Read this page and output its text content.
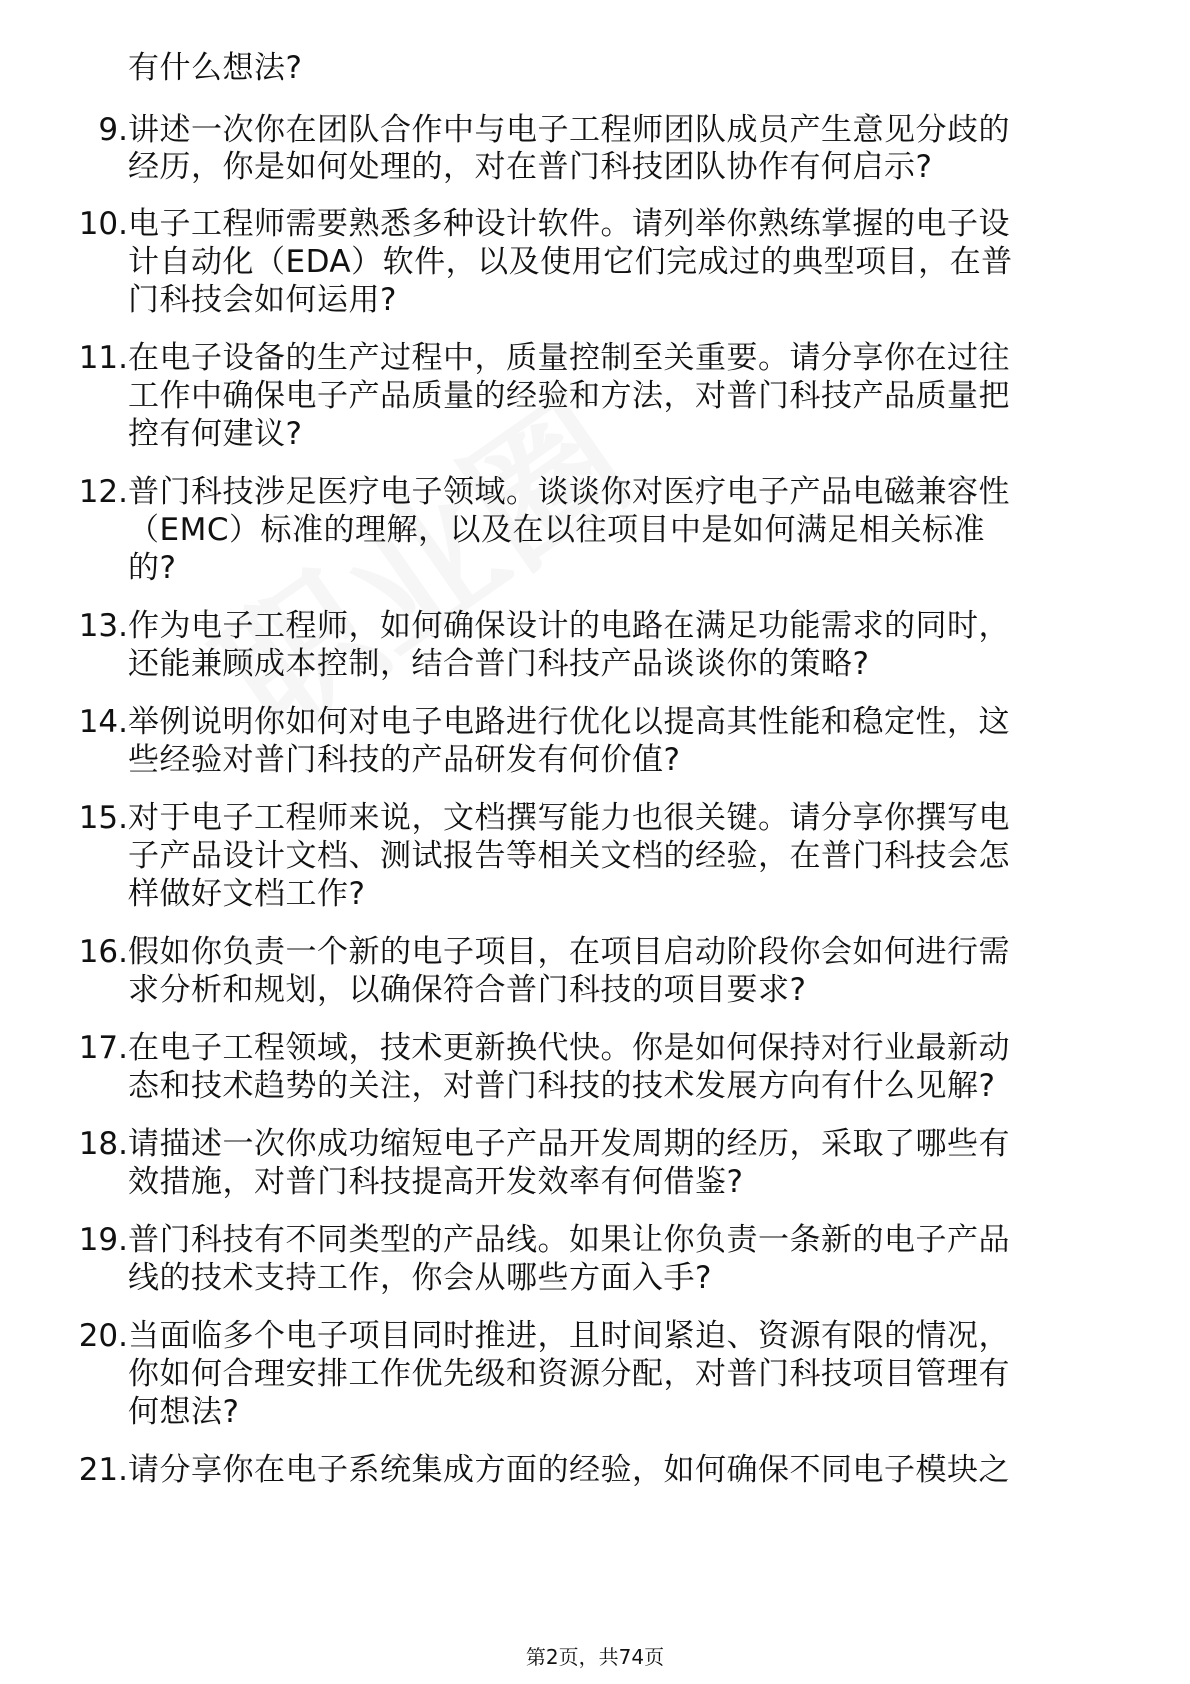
有什么想法?
9. 讲述一次你在团队合作中与电子工程师团队成员产生意见分歧的
经历，你是如何处理的，对在普门科技团队协作有何启示?
10. 电子工程师需要熟悉多种设计软件。请列举你熟练掌握的电子设
计自动化（EDA）软件，以及使用它们完成过的典型项目，在普
门科技会如何运用?
11. 在电子设备的生产过程中，质量控制至关重要。请分享你在过往
工作中确保电子产品质量的经验和方法，对普门科技产品质量把
控有何建议?
12. 普门科技涉足医疗电子领域。谈谈你对医疗电子产品电磁兼容性
（EMC）标准的理解，以及在以往项目中是如何满足相关标准
的?
13. 作为电子工程师，如何确保设计的电路在满足功能需求的同时，
还能兼顾成本控制，结合普门科技产品谈谈你的策略?
14. 举例说明你如何对电子电路进行优化以提高其性能和稳定性，这
些经验对普门科技的产品研发有何价值?
15. 对于电子工程师来说，文档撰写能力也很关键。请分享你撰写电
子产品设计文档、测试报告等相关文档的经验，在普门科技会怎
样做好文档工作?
16. 假如你负责一个新的电子项目，在项目启动阶段你会如何进行需
求分析和规划，以确保符合普门科技的项目要求?
17. 在电子工程领域，技术更新换代快。你是如何保持对行业最新动
态和技术趋势的关注，对普门科技的技术发展方向有什么见解?
18. 请描述一次你成功缩短电子产品开发周期的经历，采取了哪些有
效措施，对普门科技提高开发效率有何借鉴?
19. 普门科技有不同类型的产品线。如果让你负责一条新的电子产品
线的技术支持工作，你会从哪些方面入手?
20. 当面临多个电子项目同时推进，且时间紧迫、资源有限的情况，
你如何合理安排工作优先级和资源分配，对普门科技项目管理有
何想法?
21. 请分享你在电子系统集成方面的经验，如何确保不同电子模块之
第2页，共74页
